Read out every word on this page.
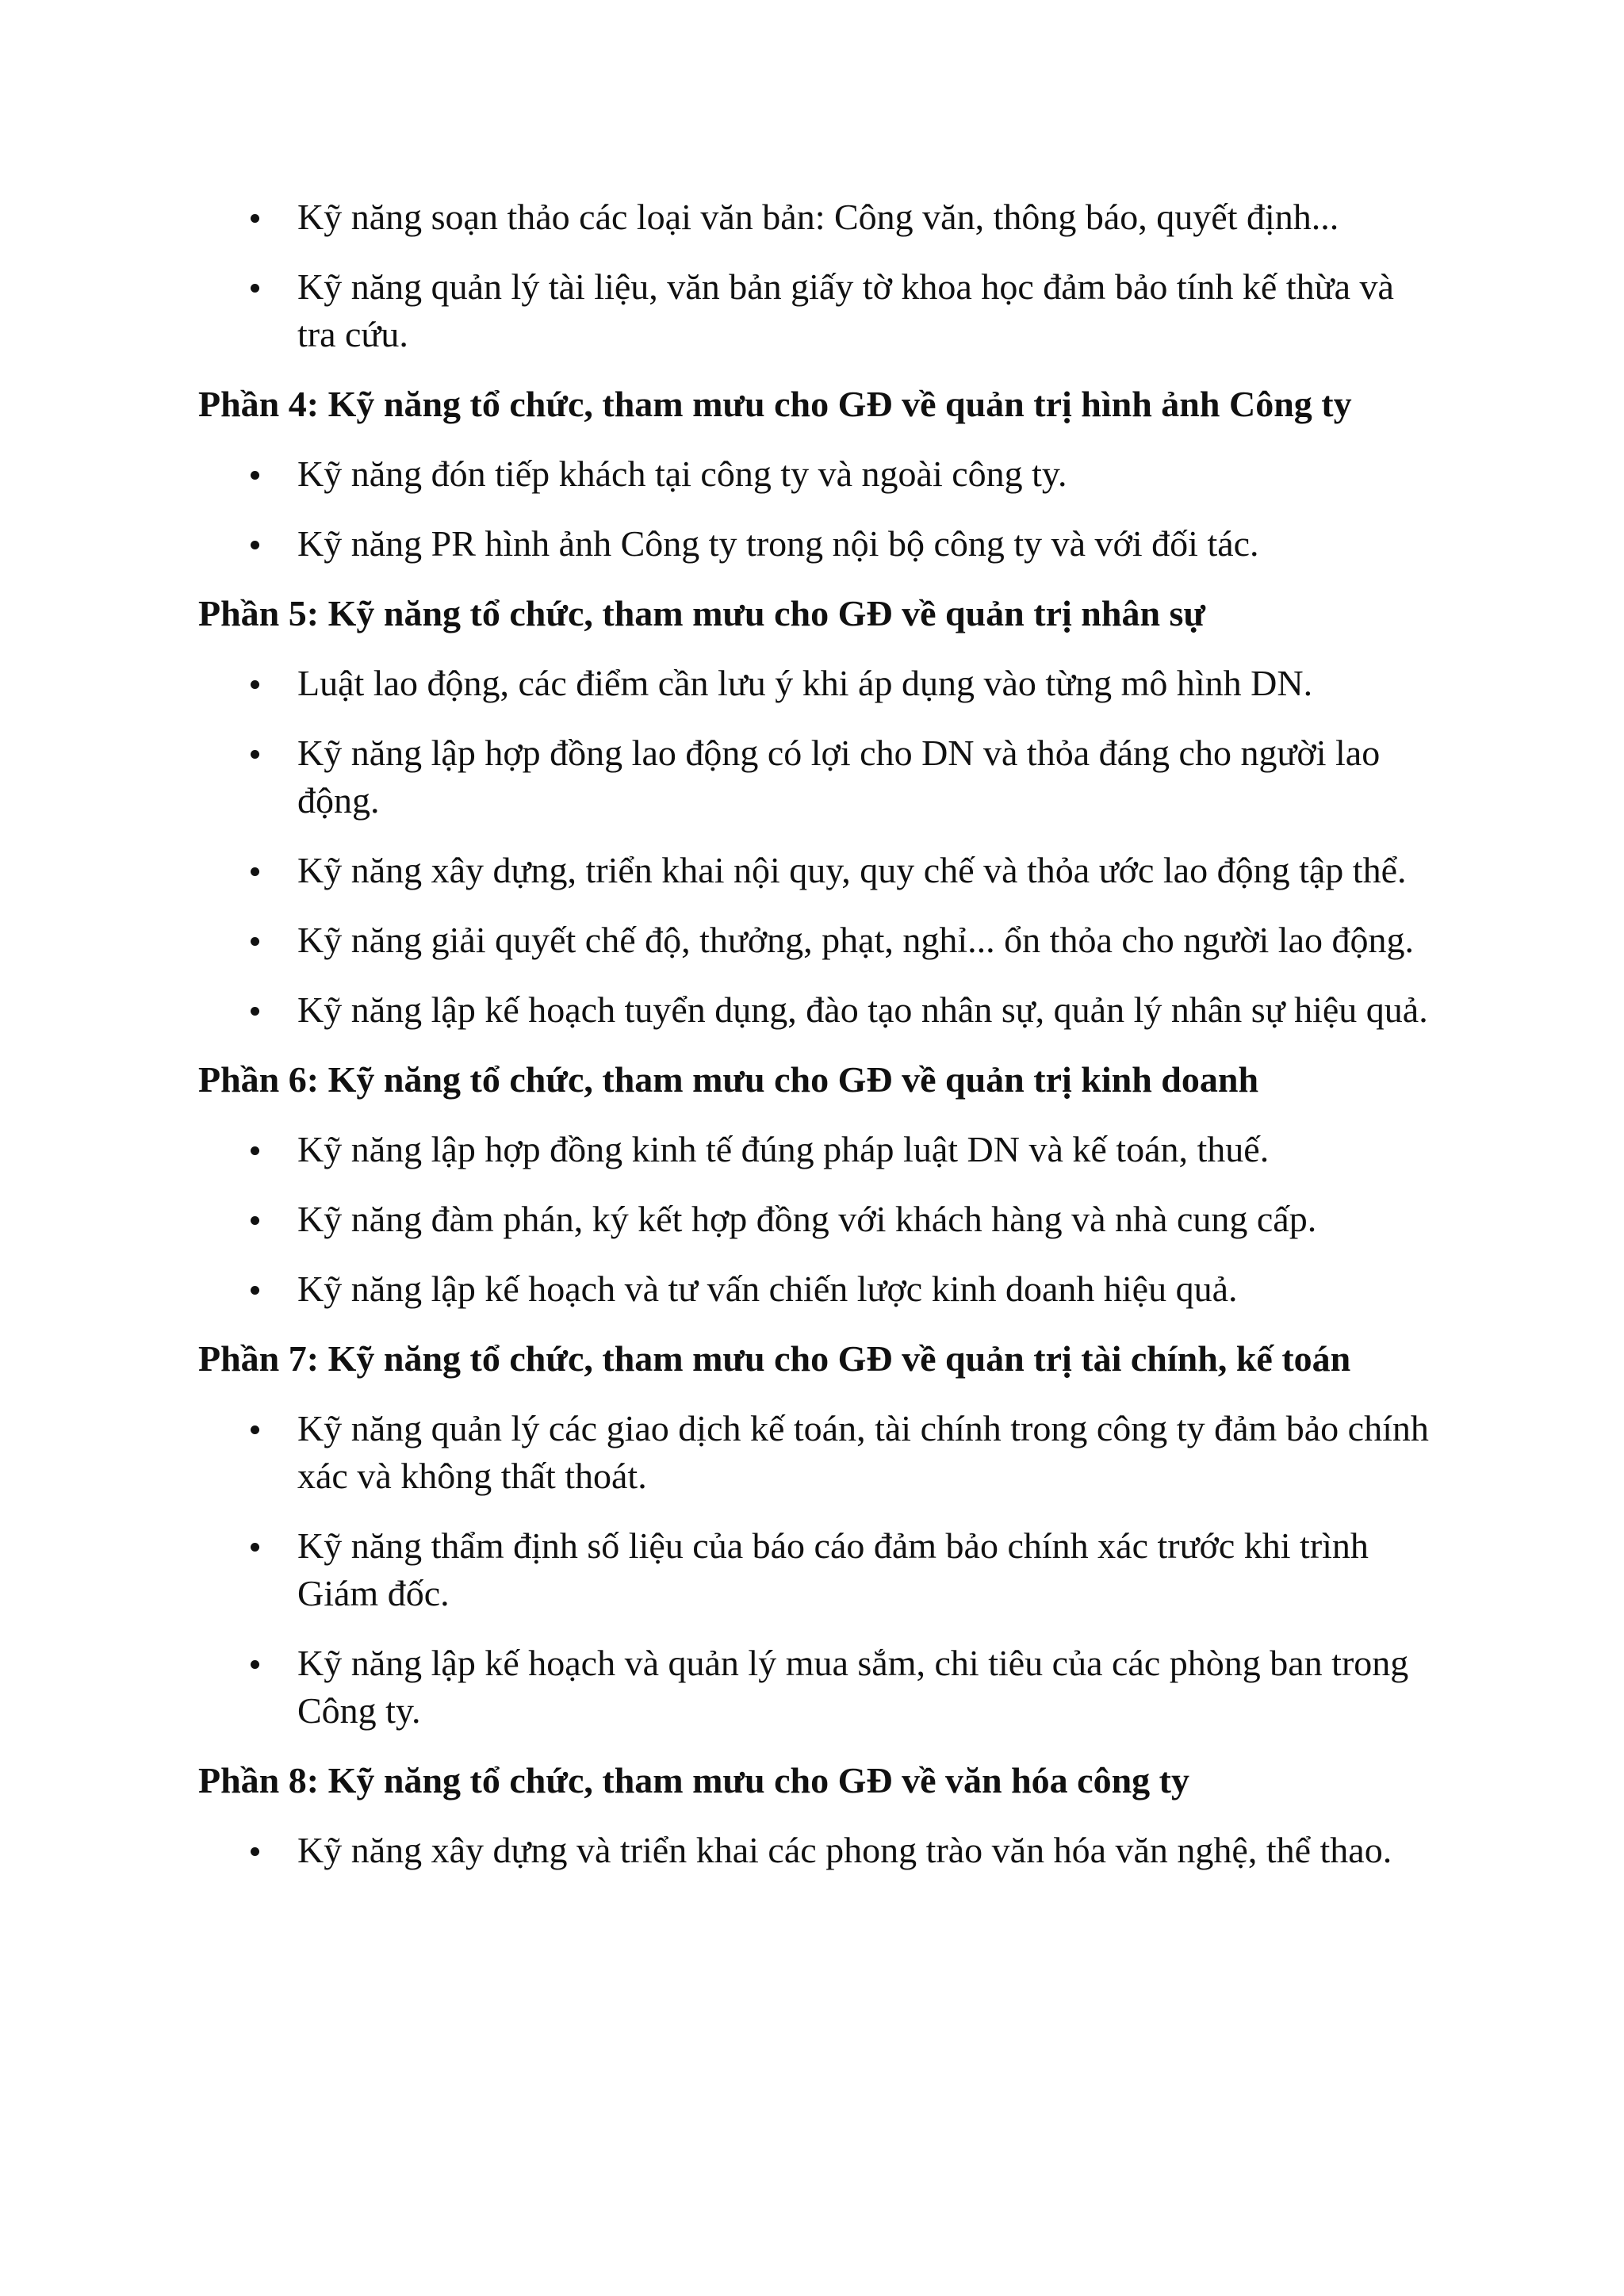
Kỹ năng soạn thảo các loại văn bản: Công văn, thông báo, quyết định...
Kỹ năng quản lý tài liệu, văn bản giấy tờ khoa học đảm bảo tính kế thừa và tra cứu.
Phần 4: Kỹ năng tổ chức, tham mưu cho GĐ về quản trị hình ảnh Công ty
Kỹ năng đón tiếp khách tại công ty và ngoài công ty.
Kỹ năng PR hình ảnh Công ty trong nội bộ công ty và với đối tác.
Phần 5: Kỹ năng tổ chức, tham mưu cho GĐ về quản trị nhân sự
Luật lao động, các điểm cần lưu ý khi áp dụng vào từng mô hình DN.
Kỹ năng lập hợp đồng lao động có lợi cho DN và thỏa đáng cho người lao động.
Kỹ năng xây dựng, triển khai nội quy, quy chế và thỏa ước lao động tập thể.
Kỹ năng giải quyết chế độ, thưởng, phạt, nghỉ... ổn thỏa cho người lao động.
Kỹ năng lập kế hoạch tuyển dụng, đào tạo nhân sự, quản lý nhân sự hiệu quả.
Phần 6: Kỹ năng tổ chức, tham mưu cho GĐ về quản trị kinh doanh
Kỹ năng lập hợp đồng kinh tế đúng pháp luật DN và kế toán, thuế.
Kỹ năng đàm phán, ký kết hợp đồng với khách hàng và nhà cung cấp.
Kỹ năng lập kế hoạch và tư vấn chiến lược kinh doanh hiệu quả.
Phần 7: Kỹ năng tổ chức, tham mưu cho GĐ về quản trị tài chính, kế toán
Kỹ năng quản lý các giao dịch kế toán, tài chính trong công ty đảm bảo chính xác và không thất thoát.
Kỹ năng thẩm định số liệu của báo cáo đảm bảo chính xác trước khi trình Giám đốc.
Kỹ năng lập kế hoạch và quản lý mua sắm, chi tiêu của các phòng ban trong Công ty.
Phần 8: Kỹ năng tổ chức, tham mưu cho GĐ về văn hóa công ty
Kỹ năng xây dựng và triển khai các phong trào văn hóa văn nghệ, thể thao.
